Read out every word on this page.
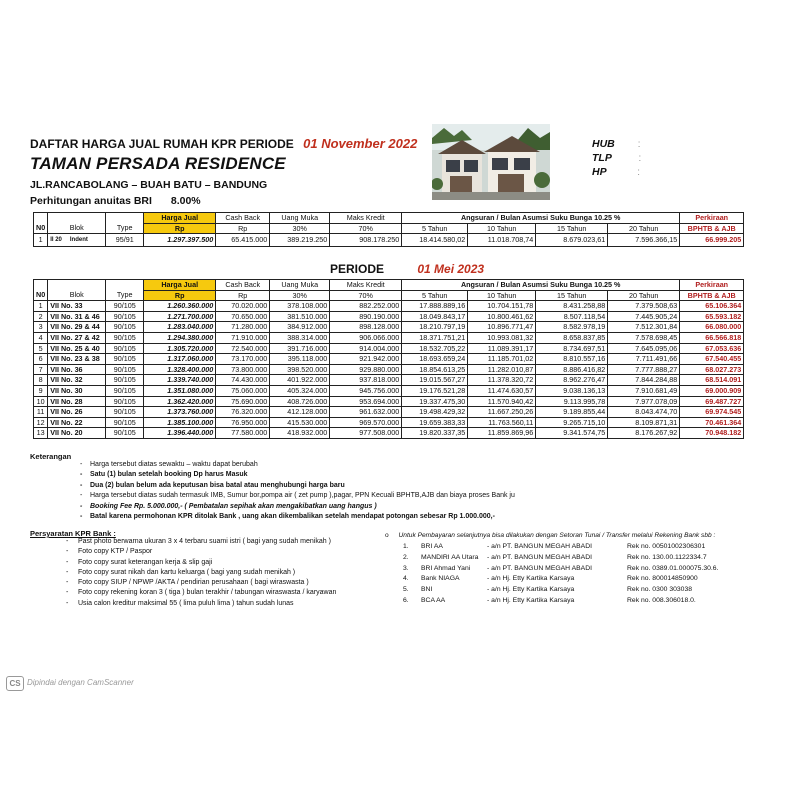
DAFTAR HARGA JUAL RUMAH KPR PERIODE 01 November 2022
TAMAN PERSADA RESIDENCE
JL.RANCABOLANG – BUAH BATU – BANDUNG
Perhitungan anuitas BRI 8.00%
HUB :
TLP	:
HP	:
			Harga Jual	Cash Back	Uang Muka	Maks Kredit	Angsuran / Bulan Asumsi Suku Bunga 10.25 %				Perkiraan
N0	Blok	Type	Rp	Rp	30%	70%	5 Tahun	10 Tahun	15 Tahun	20 Tahun	BPHTB & AJB
1	II 20 Indent	95/91	1.297.397.500	65.415.000	389.219.250	908.178.250	18.414.580,02	11.018.708,74	8.679.023,61	7.596.366,15	66.999.205
PERIODE	01 Mei 2023
			Harga Jual	Cash Back	Uang Muka	Maks Kredit	Angsuran / Bulan Asumsi Suku Bunga 10.25 %				Perkiraan
N0	Blok	Type	Rp	Rp	30%	70%	5 Tahun	10 Tahun	15 Tahun	20 Tahun	BPHTB & AJB
1	VII No. 33	90/105	1.260.360.000	70.020.000	378.108.000	882.252.000	17.888.889,16	10.704.151,78	8.431.258,88	7.379.508,63	65.106.364
2	VII No. 31 & 46	90/105	1.271.700.000	70.650.000	381.510.000	890.190.000	18.049.843,17	10.800.461,62	8.507.118,54	7.445.905,24	65.593.182
3	VII No. 29 & 44	90/105	1.283.040.000	71.280.000	384.912.000	898.128.000	18.210.797,19	10.896.771,47	8.582.978,19	7.512.301,84	66.080.000
4	VII No. 27 & 42	90/105	1.294.380.000	71.910.000	388.314.000	906.066.000	18.371.751,21	10.993.081,32	8.658.837,85	7.578.698,45	66.566.818
5	VII No. 25 & 40	90/105	1.305.720.000	72.540.000	391.716.000	914.004.000	18.532.705,22	11.089.391,17	8.734.697,51	7.645.095,06	67.053.636
6	VII No. 23 & 38	90/105	1.317.060.000	73.170.000	395.118.000	921.942.000	18.693.659,24	11.185.701,02	8.810.557,16	7.711.491,66	67.540.455
7	VII No. 36	90/105	1.328.400.000	73.800.000	398.520.000	929.880.000	18.854.613,25	11.282.010,87	8.886.416,82	7.777.888,27	68.027.273
8	VII No. 32	90/105	1.339.740.000	74.430.000	401.922.000	937.818.000	19.015.567,27	11.378.320,72	8.962.276,47	7.844.284,88	68.514.091
9	VII No. 30	90/105	1.351.080.000	75.060.000	405.324.000	945.756.000	19.176.521,28	11.474.630,57	9.038.136,13	7.910.681,49	69.000.909
10	VII No. 28	90/105	1.362.420.000	75.690.000	408.726.000	953.694.000	19.337.475,30	11.570.940,42	9.113.995,78	7.977.078,09	69.487.727
11	VII No. 26	90/105	1.373.760.000	76.320.000	412.128.000	961.632.000	19.498.429,32	11.667.250,26	9.189.855,44	8.043.474,70	69.974.545
12	VII No. 22	90/105	1.385.100.000	76.950.000	415.530.000	969.570.000	19.659.383,33	11.763.560,11	9.265.715,10	8.109.871,31	70.461.364
13	VII No. 20	90/105	1.396.440.000	77.580.000	418.932.000	977.508.000	19.820.337,35	11.859.869,96	9.341.574,75	8.176.267,92	70.948.182
Keterangan
- Harga tersebut diatas sewaktu – waktu dapat berubah
- Satu (1) bulan setelah booking Dp harus Masuk
- Dua (2) bulan belum ada keputusan bisa batal atau menghubungi harga baru
- Harga tersebut diatas sudah termasuk IMB, Sumur bor,pompa air ( zet pump ),pagar, PPN Kecuali BPHTB,AJB dan biaya proses Bank ju
- Booking Fee Rp. 5.000.000,- ( Pembatalan sepihak akan mengakibatkan uang hangus )
- Batal karena permohonan KPR ditolak Bank , uang akan dikembalikan setelah mendapat potongan sebesar Rp 1.000.000,-
Persyaratan KPR Bank :
- Past photo berwarna ukuran 3 x 4 terbaru suami istri ( bagi yang sudah menikah )
- Foto copy KTP / Paspor
- Foto copy surat keterangan kerja & slip gaji
- Foto copy surat nikah dan kartu keluarga ( bagi yang sudah menikah )
- Foto copy SIUP / NPWP /AKTA / pendirian perusahaan ( bagi wiraswasta )
- Foto copy rekening koran 3 ( tiga ) bulan terakhir / tabungan wiraswasta / karyawan
- Usia calon kreditur maksimal 55 ( lima puluh lima ) tahun sudah lunas
o Untuk Pembayaran selanjutnya bisa dilakukan dengan Setoran Tunai / Transfer melalui Rekening Bank sbb :
1. BRI AA	- a/n PT. BANGUN MEGAH ABADI	Rek no. 00501002306301
2. MANDIRI AA Utara - a/n PT. BANGUN MEGAH ABADI	Rek no. 130.00.1122334.7
3. BRI Ahmad Yani - a/n PT. BANGUN MEGAH ABADI	Rek no. 0389.01.000075.30.6.
4. Bank NIAGA	- a/n Hj. Etty Kartika Karsaya	Rek no. 800014850900
5. BNI	- a/n Hj. Etty Kartika Karsaya	Rek no. 0300 303038
6. BCA AA	- a/n Hj. Etty Kartika Karsaya	Rek no. 008.306018.0.
CS Dipindai dengan CamScanner
